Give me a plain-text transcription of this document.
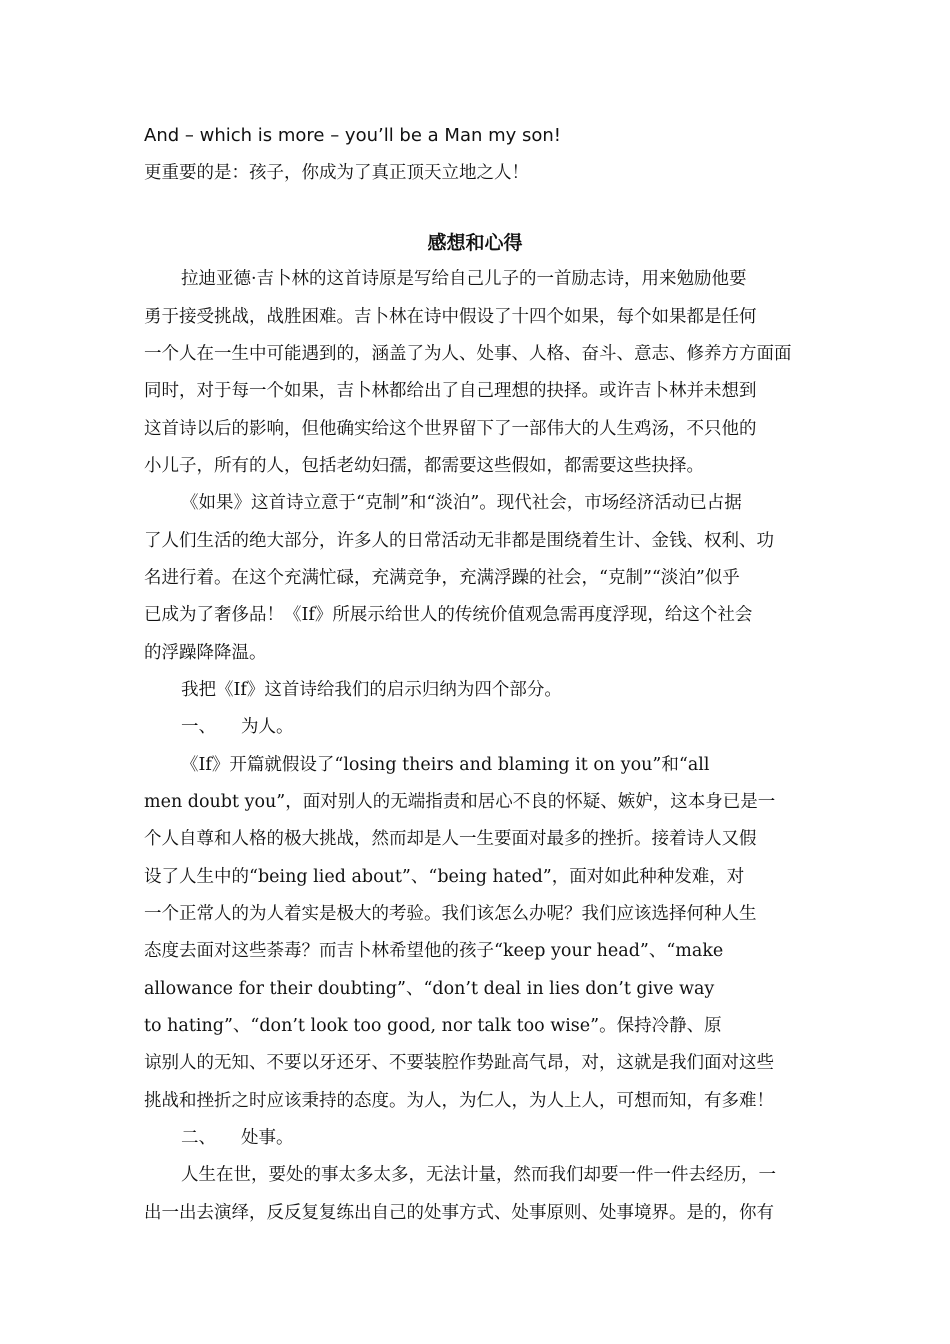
And – which is more – you’ll be a Man my son!
更重要的是：孩子，你成为了真正顶天立地之人！
感想和心得
拉迪亚德·吉卜林的这首诗原是写给自己儿子的一首励志诗，用来勉励他要
勇于接受挑战，战胜困难。吉卜林在诗中假设了十四个如果，每个如果都是任何
一个人在一生中可能遇到的，涵盖了为人、处事、人格、奋斗、意志、修养方方面面
同时，对于每一个如果，吉卜林都给出了自己理想的抉择。或许吉卜林并未想到
这首诗以后的影响，但他确实给这个世界留下了一部伟大的人生鸡汤，不只他的
小儿子，所有的人，包括老幼妇孺，都需要这些假如，都需要这些抉择。
《如果》这首诗立意于“克制”和“淡泊”。现代社会，市场经济活动已占据
了人们生活的绝大部分，许多人的日常活动无非都是围绕着生计、金钱、权利、功
名进行着。在这个充满忙碌，充满竞争，充满浮躁的社会，“克制”“淡泊”似乎
已成为了奢侈品！《If》所展示给世人的传统价值观急需再度浮现，给这个社会
的浮躁降降温。
我把《If》这首诗给我们的启示归纳为四个部分。
一、 为人。
《If》开篇就假设了“losing theirs and blaming it on you”和“all
men doubt you”，面对别人的无端指责和居心不良的怀疑、嫉妒，这本身已是一
个人自尊和人格的极大挑战，然而却是人一生要面对最多的挫折。接着诗人又假
设了人生中的“being lied about”、“being hated”，面对如此种种发难，对
一个正常人的为人着实是极大的考验。我们该怎么办呢？我们应该选择何种人生
态度去面对这些荼毒？而吉卜林希望他的孩子“keep your head”、“make
allowance for their doubting”、“don’t deal in lies don’t give way
to hating”、“don’t look too good, nor talk too wise”。保持冷静、原
谅别人的无知、不要以牙还牙、不要装腔作势趾高气昂，对，这就是我们面对这些
挑战和挫折之时应该秉持的态度。为人，为仁人，为人上人，可想而知，有多难！
二、 处事。
人生在世，要处的事太多太多，无法计量，然而我们却要一件一件去经历，一
出一出去演绎，反反复复练出自己的处事方式、处事原则、处事境界。是的，你有
